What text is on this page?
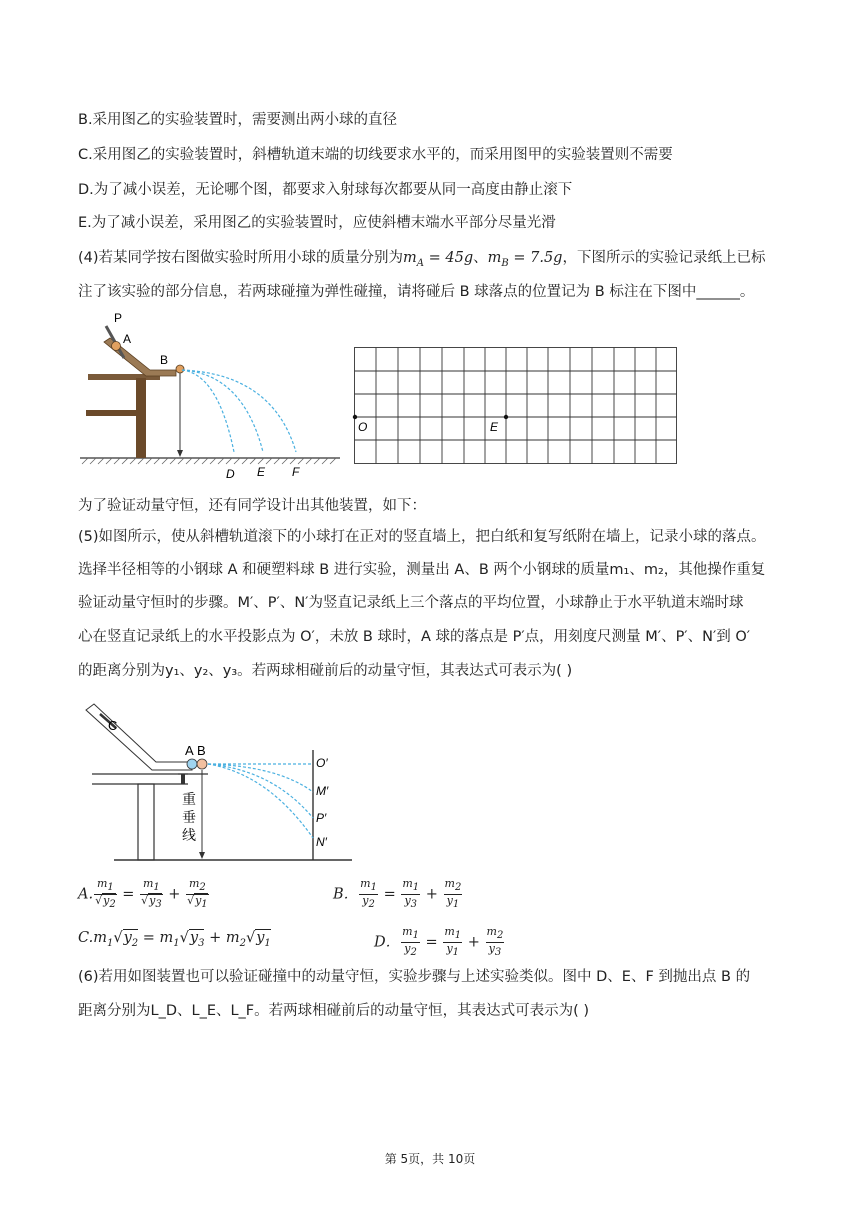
B.采用图乙的实验装置时，需要测出两小球的直径
C.采用图乙的实验装置时，斜槽轨道末端的切线要求水平的，而采用图甲的实验装置则不需要
D.为了减小误差，无论哪个图，都要求入射球每次都要从同一高度由静止滚下
E.为了减小误差，采用图乙的实验装置时，应使斜槽末端水平部分尽量光滑
(4)若某同学按右图做实验时所用小球的质量分别为$m_A = 45g$、$m_B = 7.5g$，下图所示的实验记录纸上已标
注了该实验的部分信息，若两球碰撞为弹性碰撞，请将碰后 B 球落点的位置记为 B 标注在下图中______。
P
A
B
D E F
O	E
为了验证动量守恒，还有同学设计出其他装置，如下：
(5)如图所示，使从斜槽轨道滚下的小球打在正对的竖直墙上，把白纸和复写纸附在墙上，记录小球的落点。
选择半径相等的小钢球 A 和硬塑料球 B 进行实验，测量出 A、B 两个小钢球的质量m₁、m₂，其他操作重复
验证动量守恒时的步骤。M′、P′、N′为竖直记录纸上三个落点的平均位置，小球静止于水平轨道末端时球
心在竖直记录纸上的水平投影点为 O′，未放 B 球时，A 球的落点是 P′点，用刻度尺测量 M′、P′、N′到 O′
的距离分别为y₁、y₂、y₃。若两球相碰前后的动量守恒，其表达式可表示为( )
C
A B
O′
M′
P′
N′
重
垂
线
A. $\frac{m_1}{√y_2} = \frac{m_1}{√y_3} + \frac{m_2}{√y_1}$	B． $\frac{m_1}{y_2} = \frac{m_1}{y_3} + \frac{m_2}{y_1}$
$C.m_1√y_2 = m_1√y_3 + m_2√y_1$	D． $\frac{m_1}{y_2} = \frac{m_1}{y_1} + \frac{m_2}{y_3}$
(6)若用如图装置也可以验证碰撞中的动量守恒，实验步骤与上述实验类似。图中 D、E、F 到抛出点 B 的
距离分别为L_D、L_E、L_F。若两球相碰前后的动量守恒，其表达式可表示为( )
第 5页，共 10页
